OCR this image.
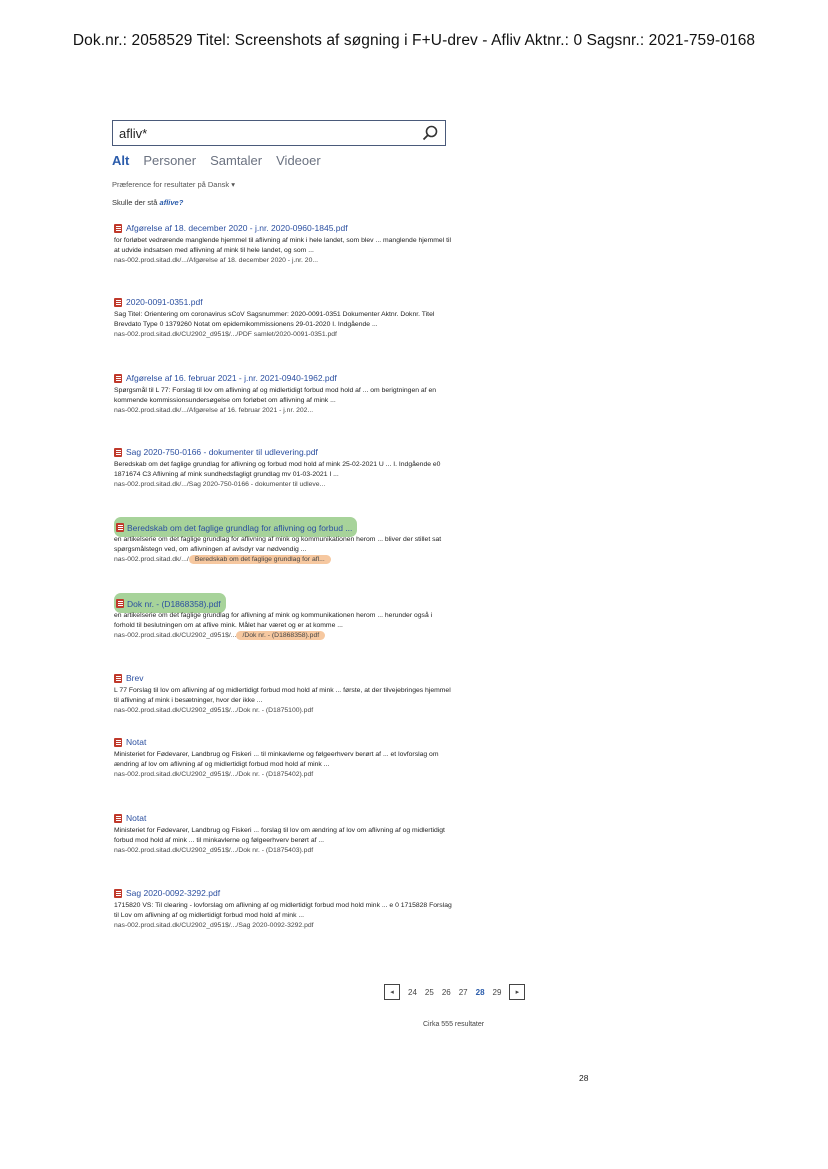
Dok.nr.: 2058529 Titel: Screenshots af søgning i F+U-drev - Afliv Aktnr.: 0 Sagsnr.: 2021-759-0168
afliv*
Alt Personer Samtaler Videoer
Præference for resultater på Dansk ▾
Skulle der stå aflive?
Afgørelse af 18. december 2020 - j.nr. 2020-0960-1845.pdf
for forløbet vedrørende manglende hjemmel til aflivning af mink i hele landet, som blev ... manglende hjemmel til at udvide indsatsen med aflivning af mink til hele landet, og som ...
nas-002.prod.sitad.dk/.../Afgørelse af 18. december 2020 - j.nr. 20...
2020-0091-0351.pdf
Sag Titel: Orientering om coronavirus sCoV Sagsnummer: 2020-0091-0351 Dokumenter Aktnr. Doknr. Titel Brevdato Type 0 1379260 Notat om epidemikommissionens 29-01-2020 I. Indgående ...
nas-002.prod.sitad.dk/CU2902_d951$/.../PDF samlet/2020-0091-0351.pdf
Afgørelse af 16. februar 2021 - j.nr. 2021-0940-1962.pdf
Spørgsmål til L 77: Forslag til lov om aflivning af og midlertidigt forbud mod hold af ... om berigtningen af en kommende kommissionsundersøgelse om forløbet om aflivning af mink ...
nas-002.prod.sitad.dk/.../Afgørelse af 16. februar 2021 - j.nr. 202...
Sag 2020-750-0166 - dokumenter til udlevering.pdf
Beredskab om det faglige grundlag for aflivning og forbud mod hold af mink 25-02-2021 U ... I. Indgående e0 1871674 C3 Aflivning af mink sundhedsfagligt grundlag mv 01-03-2021 I ...
nas-002.prod.sitad.dk/.../Sag 2020-750-0166 - dokumenter til udleve...
Beredskab om det faglige grundlag for aflivning og forbud ...
en artikelserie om det faglige grundlag for aflivning af mink og kommunikationen herom ... bliver der stillet sat spørgsmålstegn ved, om aflivningen af avlsdyr var nødvendig ...
nas-002.prod.sitad.dk/.../ Beredskab om det faglige grundlag for afl...
Dok nr. - (D1868358).pdf
en artikelserie om det faglige grundlag for aflivning af mink og kommunikationen herom ... herunder også i forhold til beslutningen om at aflive mink. Målet har været og er at komme ...
nas-002.prod.sitad.dk/CU2902_d951$/... /Dok nr. - (D1868358).pdf
Brev
L 77 Forslag til lov om aflivning af og midlertidigt forbud mod hold af mink ... første, at der tilvejebringes hjemmel til aflivning af mink i besætninger, hvor der ikke ...
nas-002.prod.sitad.dk/CU2902_d951$/.../Dok nr. - (D1875100).pdf
Notat
Ministeriet for Fødevarer, Landbrug og Fiskeri ... til minkavlerne og følgeerhverv berørt af ... et lovforslag om ændring af lov om aflivning af og midlertidigt forbud mod hold af mink ...
nas-002.prod.sitad.dk/CU2902_d951$/.../Dok nr. - (D1875402).pdf
Notat
Ministeriet for Fødevarer, Landbrug og Fiskeri ... forslag til lov om ændring af lov om aflivning af og midlertidigt forbud mod hold af mink ... til minkavlerne og følgeerhverv berørt af ...
nas-002.prod.sitad.dk/CU2902_d951$/.../Dok nr. - (D1875403).pdf
Sag 2020-0092-3292.pdf
1715820 VS: Til clearing - lovforslag om aflivning af og midlertidigt forbud mod hold mink ... e 0 1715828 Forslag til Lov om aflivning af og midlertidigt forbud mod hold af mink ...
nas-002.prod.sitad.dk/CU2902_d951$/.../Sag 2020-0092-3292.pdf
◂	24 25 26 27 28 29	▸
Cirka 555 resultater
28
